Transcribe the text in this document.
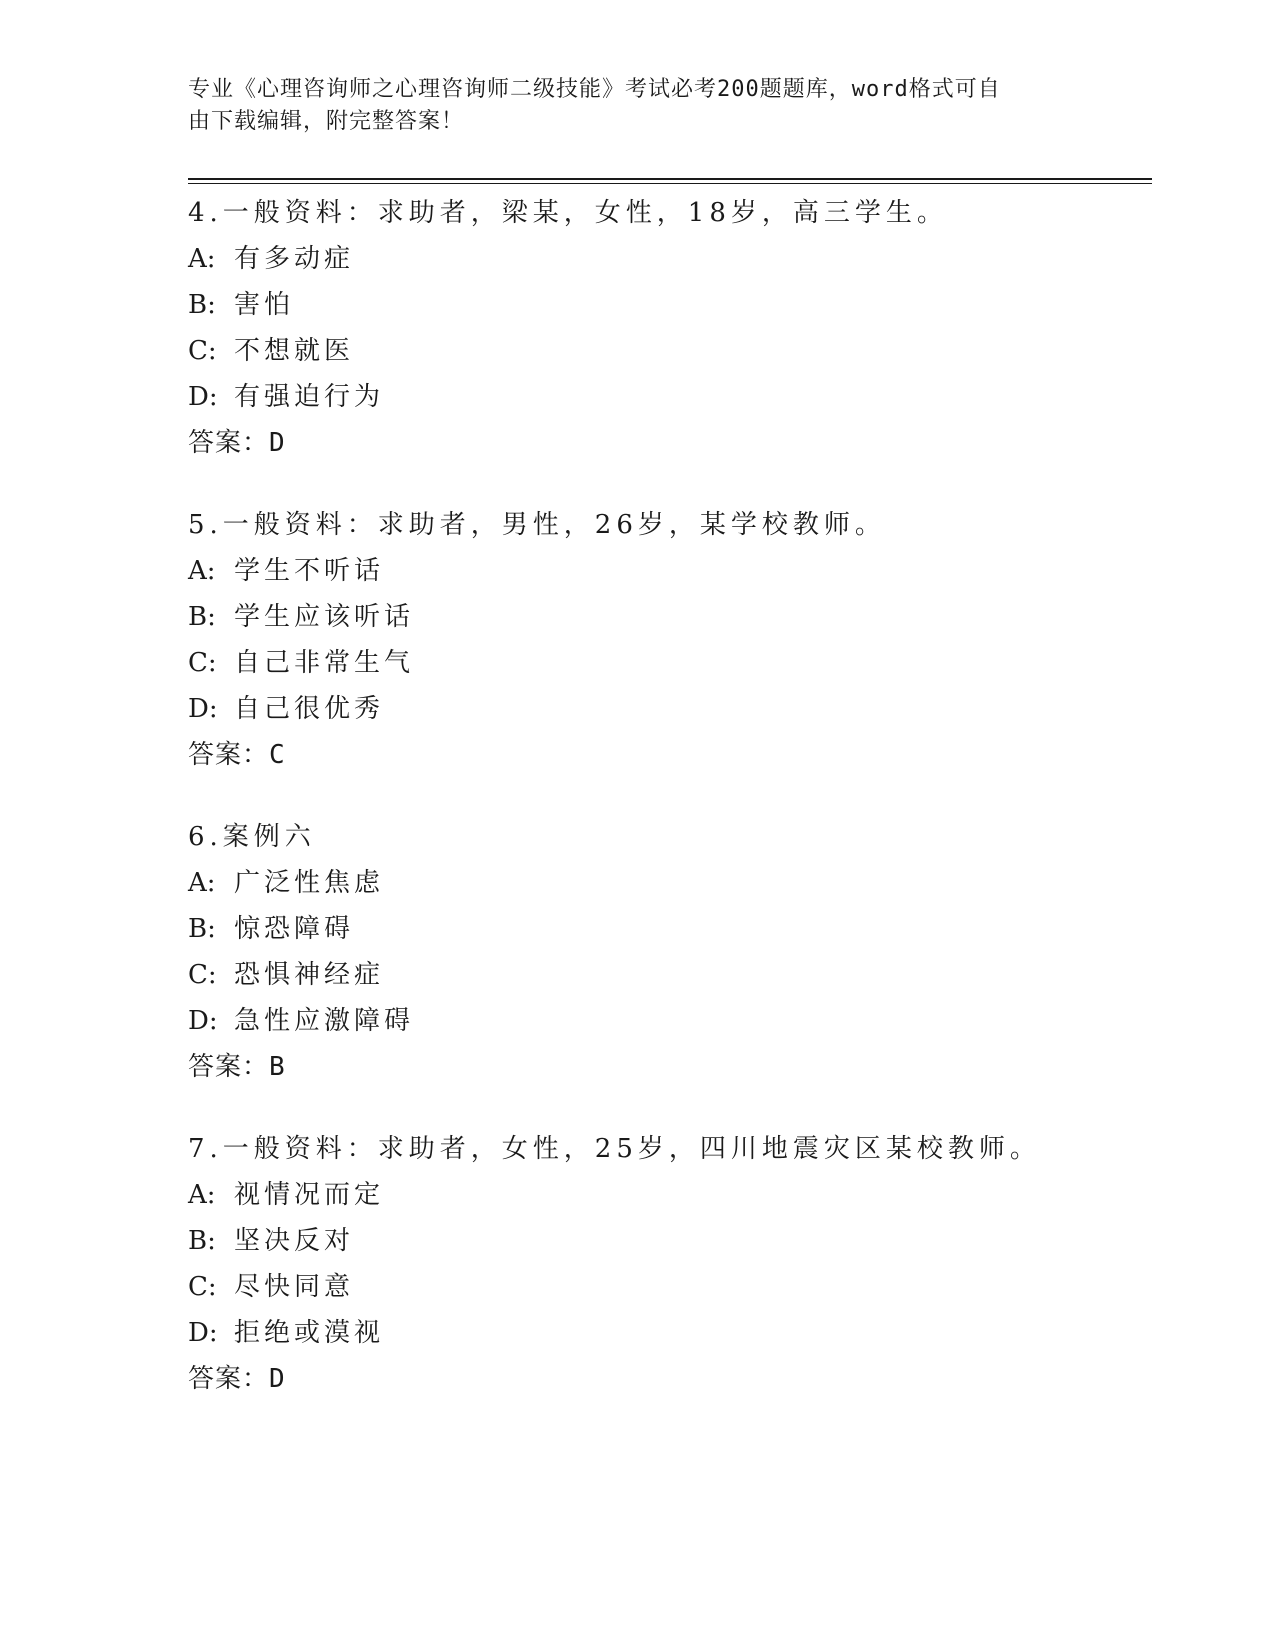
专业《心理咨询师之心理咨询师二级技能》考试必考200题题库，word格式可自
由下载编辑，附完整答案！
4.一般资料：求助者，梁某，女性，18岁，高三学生。
A: 有多动症
B: 害怕
C: 不想就医
D: 有强迫行为
答案：D
5.一般资料：求助者，男性，26岁，某学校教师。
A: 学生不听话
B: 学生应该听话
C: 自己非常生气
D: 自己很优秀
答案：C
6.案例六
A: 广泛性焦虑
B: 惊恐障碍
C: 恐惧神经症
D: 急性应激障碍
答案：B
7.一般资料：求助者，女性，25岁，四川地震灾区某校教师。
A: 视情况而定
B: 坚决反对
C: 尽快同意
D: 拒绝或漠视
答案：D
